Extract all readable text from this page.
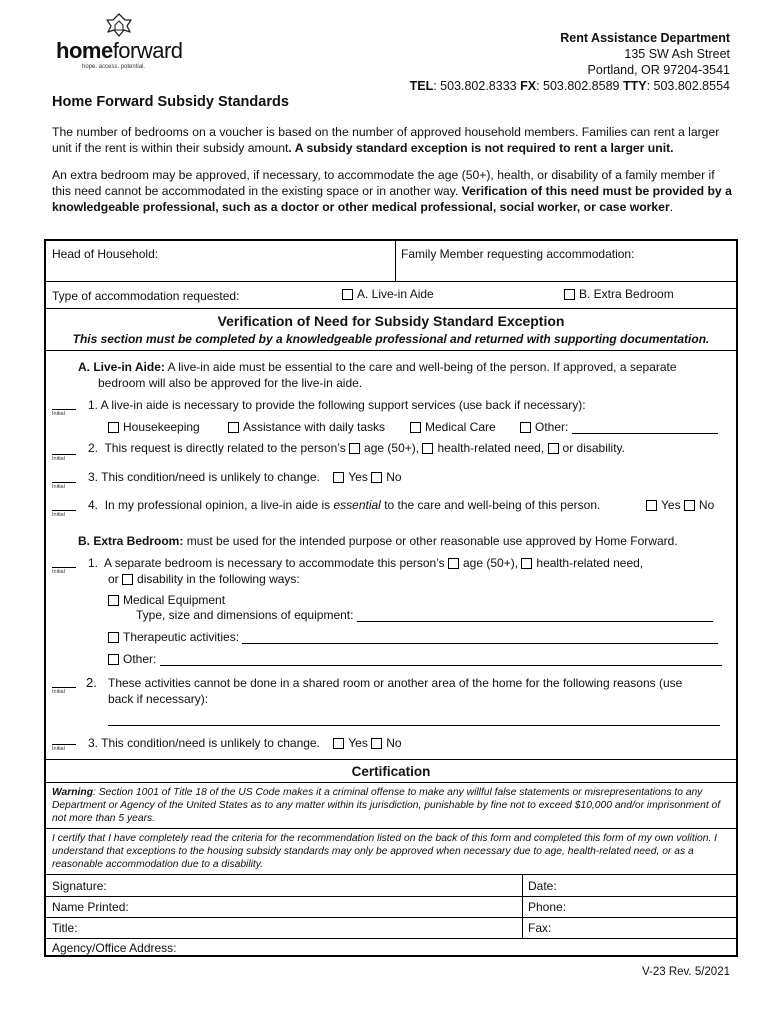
homeforward
hope. access. potential.
Rent Assistance Department
135 SW Ash Street
Portland, OR 97204-3541
TEL: 503.802.8333 FX: 503.802.8589 TTY: 503.802.8554
Home Forward Subsidy Standards
The number of bedrooms on a voucher is based on the number of approved household members. Families can rent a larger unit if the rent is within their subsidy amount. A subsidy standard exception is not required to rent a larger unit.
An extra bedroom may be approved, if necessary, to accommodate the age (50+), health, or disability of a family member if this need cannot be accommodated in the existing space or in another way. Verification of this need must be provided by a knowledgeable professional, such as a doctor or other medical professional, social worker, or case worker.
Head of Household:	Family Member requesting accommodation:
Type of accommodation requested:	A. Live-in Aide	B. Extra Bedroom
Verification of Need for Subsidy Standard Exception
This section must be completed by a knowledgeable professional and returned with supporting documentation.
A. Live-in Aide: A live-in aide must be essential to the care and well-being of the person. If approved, a separate
bedroom will also be approved for the live-in aide.
Initial
1. A live-in aide is necessary to provide the following support services (use back if necessary):
Housekeeping	Assistance with daily tasks	Medical Care	Other:
Initial
2. This request is directly related to the person’s age (50+), health-related need, or disability.
Initial
3. This condition/need is unlikely to change. Yes No
Initial
4. In my professional opinion, a live-in aide is essential to the care and well-being of this person.	Yes No
B. Extra Bedroom: must be used for the intended purpose or other reasonable use approved by Home Forward.
Initial
1. A separate bedroom is necessary to accommodate this person’s age (50+), health-related need,
or disability in the following ways:
Medical Equipment
Type, size and dimensions of equipment:
Therapeutic activities:
Other:
Initial
2. These activities cannot be done in a shared room or another area of the home for the following reasons (use
back if necessary):
Initial	3. This condition/need is unlikely to change. Yes No
Certification
Warning: Section 1001 of Title 18 of the US Code makes it a criminal offense to make any willful false statements or misrepresentations to any Department or Agency of the United States as to any matter within its jurisdiction, punishable by fine not to exceed $10,000 and/or imprisonment of not more than 5 years.
I certify that I have completely read the criteria for the recommendation listed on the back of this form and completed this form of my own volition. I understand that exceptions to the housing subsidy standards may only be approved when necessary due to age, health-related need, or as a reasonable accommodation due to a disability.
Signature:	Date:
Name Printed:	Phone:
Title:	Fax:
Agency/Office Address:
V-23 Rev. 5/2021
